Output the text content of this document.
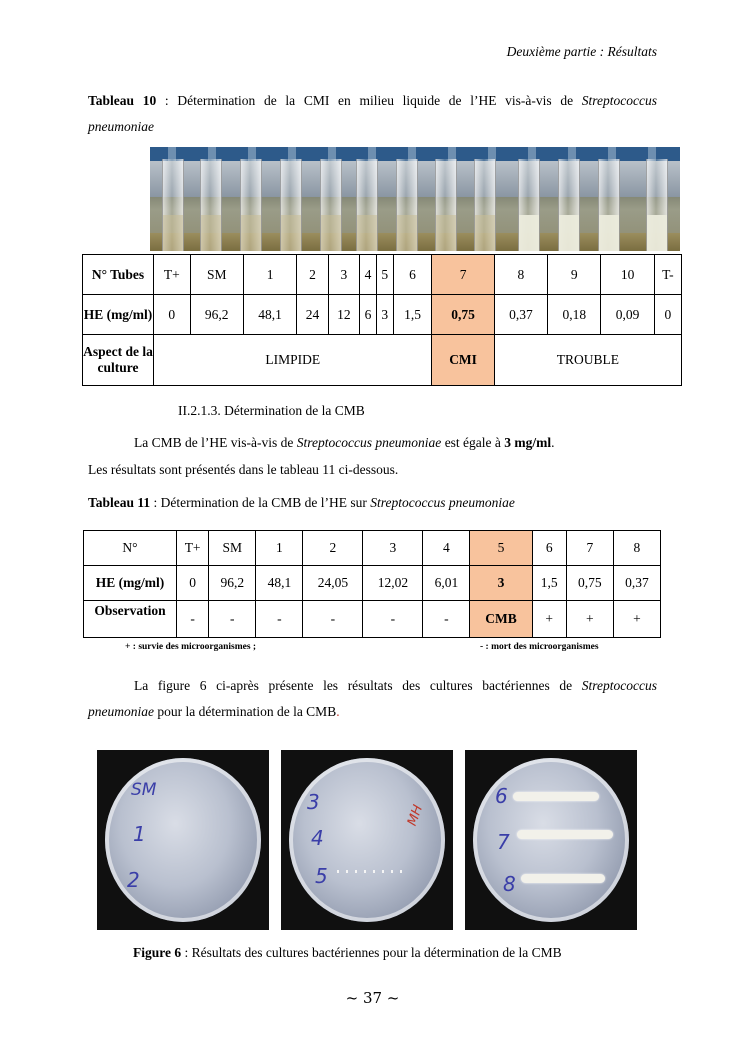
Deuxième partie : Résultats
Tableau 10 : Détermination de la CMI en milieu liquide de l’HE vis-à-vis de Streptococcus
pneumoniae
N° Tubes	T+	SM	1	2	3	4	5	6	7	8	9	10	T-
HE (mg/ml)	0	96,2	48,1	24	12	6	3	1,5	0,75	0,37	0,18	0,09	0
Aspect de la culture	LIMPIDE								CMI	TROUBLE			
II.2.1.3. Détermination de la CMB
La CMB de l’HE vis-à-vis de Streptococcus pneumoniae est égale à 3 mg/ml.
Les résultats sont présentés dans le tableau 11 ci-dessous.
Tableau 11 : Détermination de la CMB de l’HE sur Streptococcus pneumoniae
N°	T+	SM	1	2	3	4	5	6	7	8
HE (mg/ml)	0	96,2	48,1	24,05	12,02	6,01	3	1,5	0,75	0,37
Observation	-	-	-	-	-	-	CMB	+	+	+
+ : survie des microorganismes ;	- : mort des microorganismes
La figure 6 ci-après présente les résultats des cultures bactériennes de Streptococcus
pneumoniae pour la détermination de la CMB.
SM
1
2
3
4
5
MH
6
7
8
Figure 6 : Résultats des cultures bactériennes pour la détermination de la CMB
~ 37 ~
